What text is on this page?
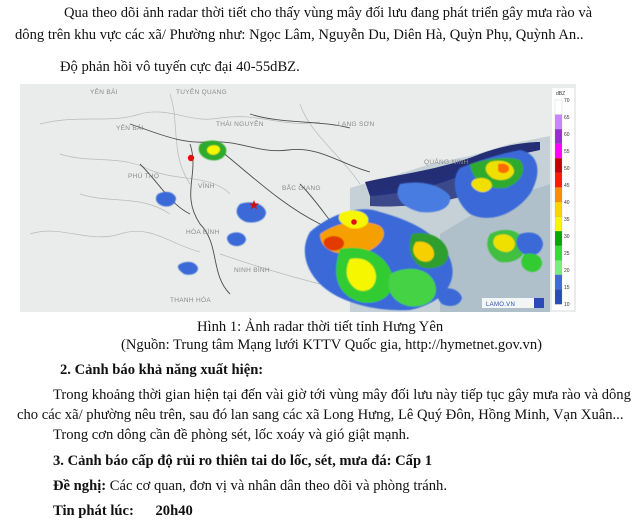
Qua theo dõi ảnh radar thời tiết cho thấy vùng mây đối lưu đang phát triển gây mưa rào và
dông trên khu vực các xã/ Phường như: Ngọc Lâm, Nguyễn Du, Diên Hà, Quỳn Phụ, Quỳnh An..
Độ phản hồi vô tuyến cực đại 40-55dBZ.
YÊN BÁI	TUYÊN QUANG
YÊN BÁI
THÁI NGUYÊN	LẠNG SƠN
PHÚ THỌ
BẮC GIANG
VĨNH
HÒA BÌNH
NINH BÌNH
THANH HÓA
QUẢNG NINH
LAMO.VN
dBZ
70
65
60
55
50
45
40
35
30
25
20
15
10
Hình 1: Ảnh radar thời tiết tỉnh Hưng Yên
(Nguồn: Trung tâm Mạng lưới KTTV Quốc gia, http://hymetnet.gov.vn)
2. Cảnh báo khả năng xuất hiện:
Trong khoảng thời gian hiện tại đến vài giờ tới vùng mây đối lưu này tiếp tục gây mưa rào và dông
cho các xã/ phường nêu trên, sau đó lan sang các xã Long Hưng, Lê Quý Đôn, Hồng Minh, Vạn Xuân...
Trong cơn dông cần đề phòng sét, lốc xoáy và gió giật mạnh.
3. Cảnh báo cấp độ rủi ro thiên tai do lốc, sét, mưa đá: Cấp 1
Đề nghị: Các cơ quan, đơn vị và nhân dân theo dõi và phòng tránh.
Tin phát lúc: 20h40
